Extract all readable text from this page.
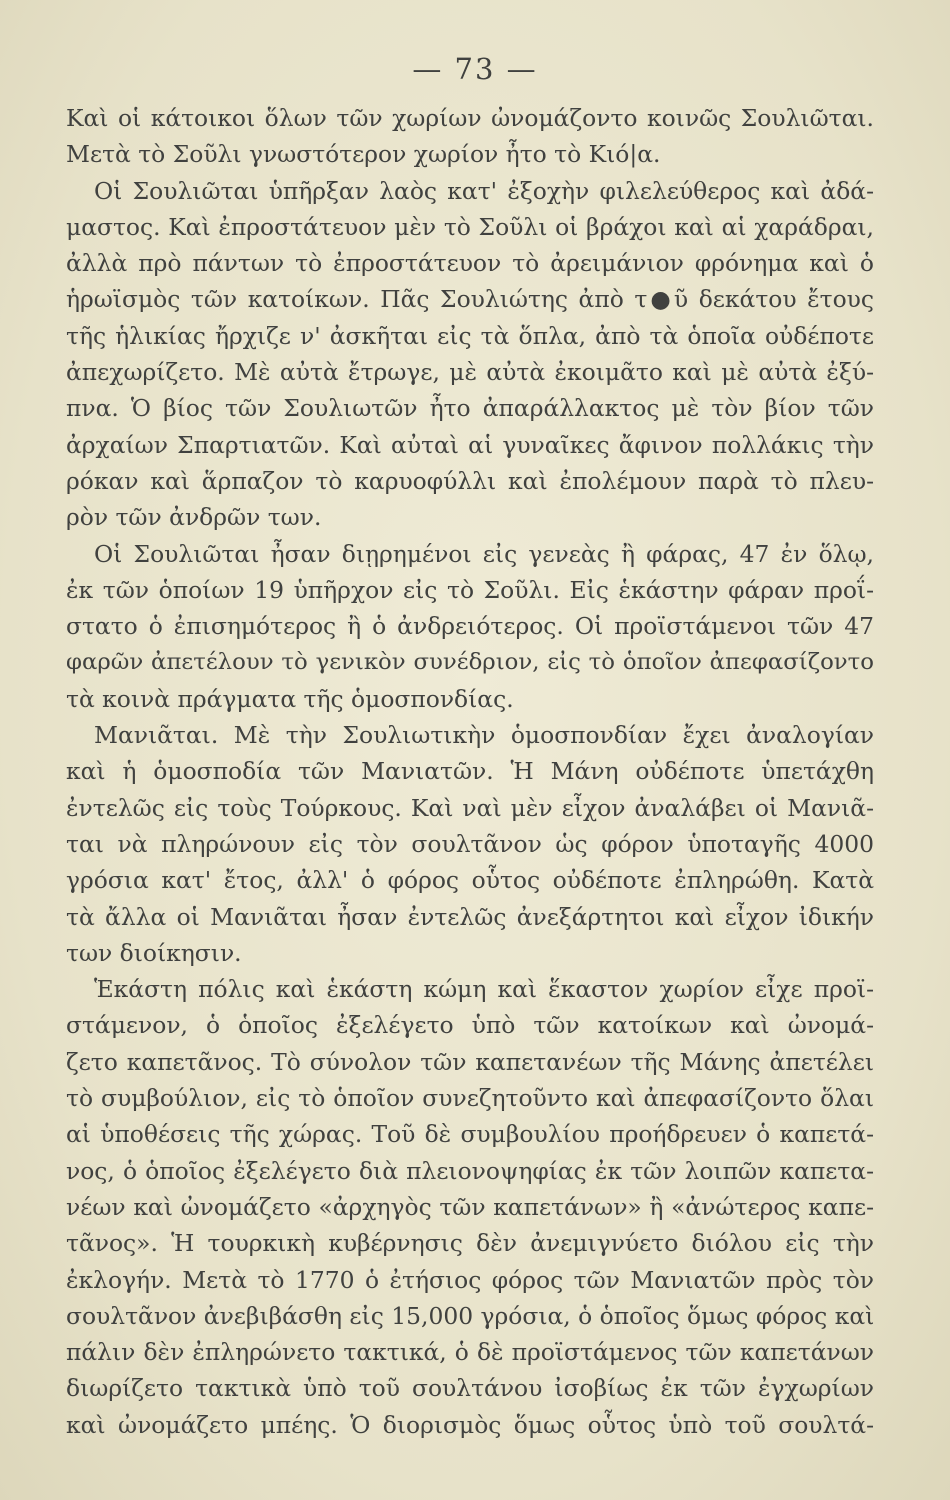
— 73 —
Καὶ οἱ κάτοικοι ὅλων τῶν χωρίων ὠνομάζοντο κοινῶς Σουλιῶται.
Μετὰ τὸ Σοῦλι γνωστότερον χωρίον ἦτο τὸ Κιό|α.
Οἱ Σουλιῶται ὑπῆρξαν λαὸς κατ' ἐξοχὴν φιλελεύθερος καὶ ἀδά-
μαστος. Καὶ ἐπροστάτευον μὲν τὸ Σοῦλι οἱ βράχοι καὶ αἱ χαράδραι,
ἀλλὰ πρὸ πάντων τὸ ἐπροστάτευον τὸ ἀρειμάνιον φρόνημα καὶ ὁ
ἡρωϊσμὸς τῶν κατοίκων. Πᾶς Σουλιώτης ἀπὸ τ●ῦ δεκάτου ἔτους
τῆς ἡλικίας ἤρχιζε ν' ἀσκῆται εἰς τὰ ὅπλα, ἀπὸ τὰ ὁποῖα οὐδέποτε
ἀπεχωρίζετο. Μὲ αὐτὰ ἔτρωγε, μὲ αὐτὰ ἐκοιμᾶτο καὶ μὲ αὐτὰ ἐξύ-
πνα. Ὁ βίος τῶν Σουλιωτῶν ἦτο ἀπαράλλακτος μὲ τὸν βίον τῶν
ἀρχαίων Σπαρτιατῶν. Καὶ αὐταὶ αἱ γυναῖκες ἄφινον πολλάκις τὴν
ρόκαν καὶ ἅρπαζον τὸ καρυοφύλλι καὶ ἐπολέμουν παρὰ τὸ πλευ-
ρὸν τῶν ἀνδρῶν των.
Οἱ Σουλιῶται ἦσαν διῃρημένοι εἰς γενεὰς ἢ φάρας, 47 ἐν ὅλῳ,
ἐκ τῶν ὁποίων 19 ὑπῆρχον εἰς τὸ Σοῦλι. Εἰς ἑκάστην φάραν προΐ-
στατο ὁ ἐπισημότερος ἢ ὁ ἀνδρειότερος. Οἱ προϊστάμενοι τῶν 47
φαρῶν ἀπετέλουν τὸ γενικὸν συνέδριον, εἰς τὸ ὁποῖον ἀπεφασίζοντο
τὰ κοινὰ πράγματα τῆς ὁμοσπονδίας.
Μανιᾶται. Μὲ τὴν Σουλιωτικὴν ὁμοσπονδίαν ἔχει ἀναλογίαν
καὶ ἡ ὁμοσποδία τῶν Μανιατῶν. Ἡ Μάνη οὐδέποτε ὑπετάχθη
ἐντελῶς εἰς τοὺς Τούρκους. Καὶ ναὶ μὲν εἶχον ἀναλάβει οἱ Μανιᾶ-
ται νὰ πληρώνουν εἰς τὸν σουλτᾶνον ὡς φόρον ὑποταγῆς 4000
γρόσια κατ' ἔτος, ἀλλ' ὁ φόρος οὗτος οὐδέποτε ἐπληρώθη. Κατὰ
τὰ ἄλλα οἱ Μανιᾶται ἦσαν ἐντελῶς ἀνεξάρτητοι καὶ εἶχον ἰδικήν
των διοίκησιν.
Ἑκάστη πόλις καὶ ἑκάστη κώμη καὶ ἕκαστον χωρίον εἶχε προϊ-
στάμενον, ὁ ὁποῖος ἐξελέγετο ὑπὸ τῶν κατοίκων καὶ ὠνομά-
ζετο καπετᾶνος. Τὸ σύνολον τῶν καπετανέων τῆς Μάνης ἀπετέλει
τὸ συμβούλιον, εἰς τὸ ὁποῖον συνεζητοῦντο καὶ ἀπεφασίζοντο ὅλαι
αἱ ὑποθέσεις τῆς χώρας. Τοῦ δὲ συμβουλίου προήδρευεν ὁ καπετά-
νος, ὁ ὁποῖος ἐξελέγετο διὰ πλειονοψηφίας ἐκ τῶν λοιπῶν καπετα-
νέων καὶ ὠνομάζετο «ἀρχηγὸς τῶν καπετάνων» ἢ «ἀνώτερος καπε-
τᾶνος». Ἡ τουρκικὴ κυβέρνησις δὲν ἀνεμιγνύετο διόλου εἰς τὴν
ἐκλογήν. Μετὰ τὸ 1770 ὁ ἐτήσιος φόρος τῶν Μανιατῶν πρὸς τὸν
σουλτᾶνον ἀνεβιβάσθη εἰς 15,000 γρόσια, ὁ ὁποῖος ὅμως φόρος καὶ
πάλιν δὲν ἐπληρώνετο τακτικά, ὁ δὲ προϊστάμενος τῶν καπετάνων
διωρίζετο τακτικὰ ὑπὸ τοῦ σουλτάνου ἰσοβίως ἐκ τῶν ἐγχωρίων
καὶ ὠνομάζετο μπέης. Ὁ διορισμὸς ὅμως οὗτος ὑπὸ τοῦ σουλτά-
